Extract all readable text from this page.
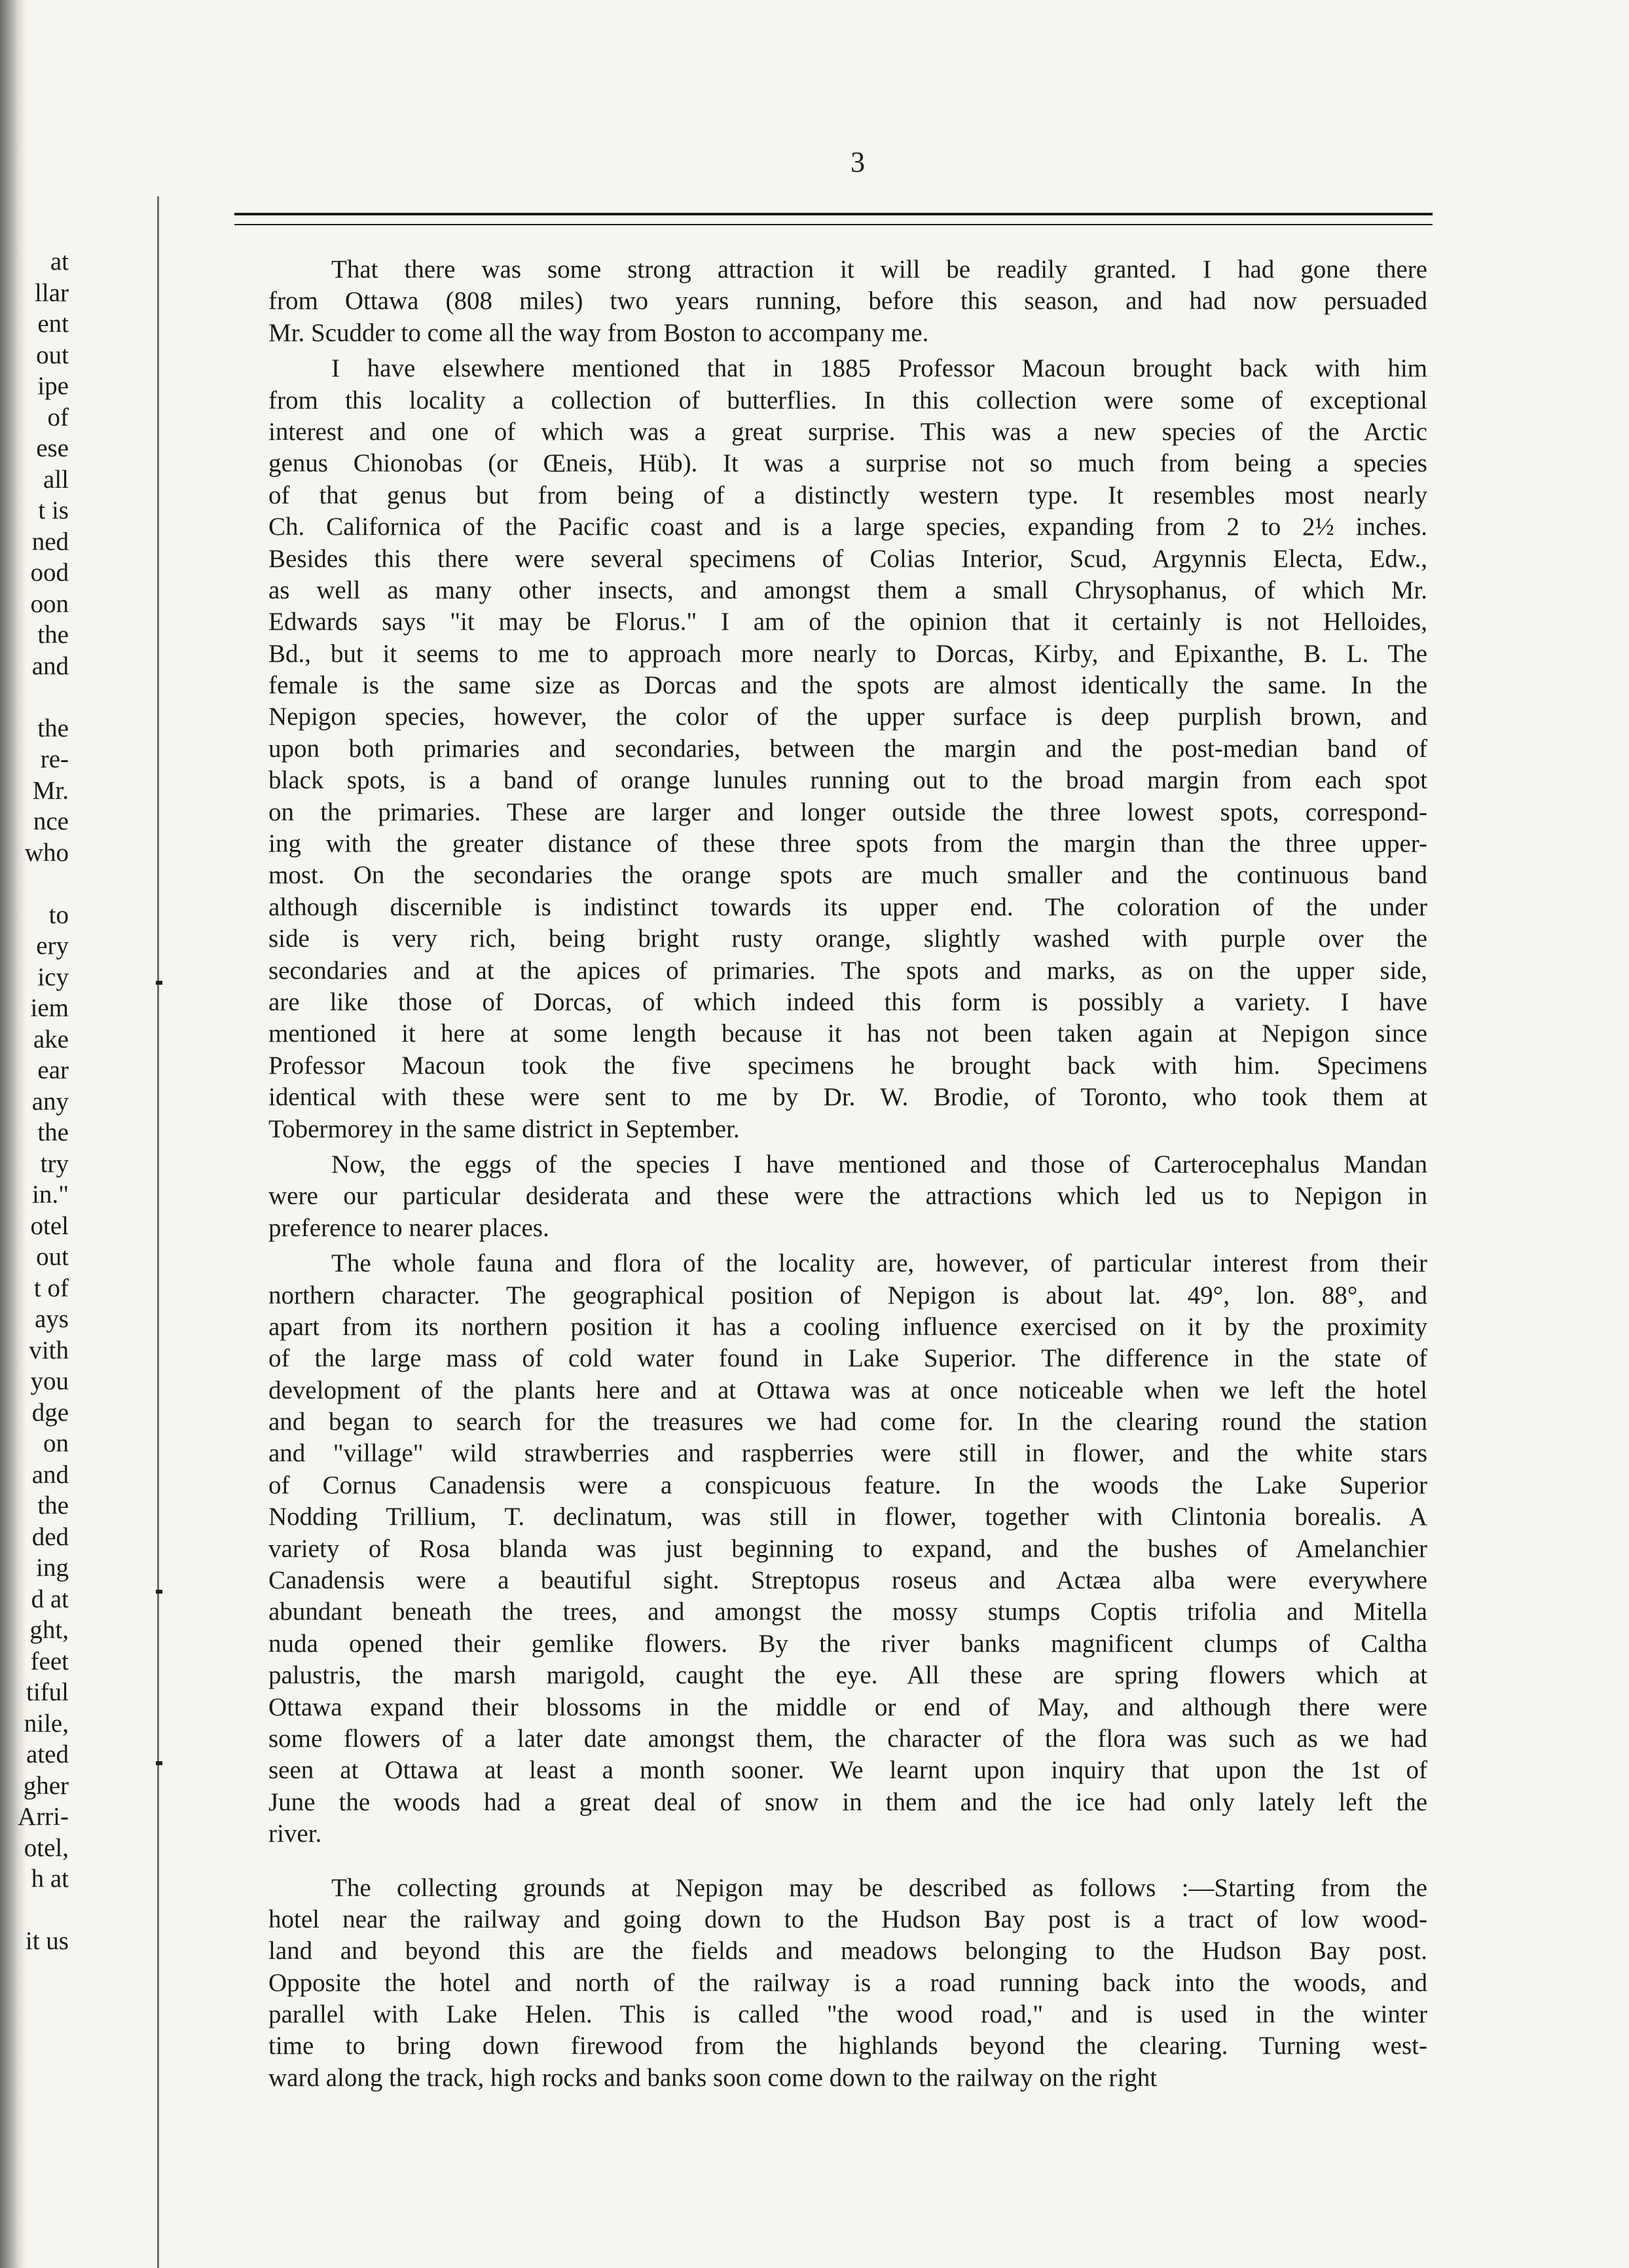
at
llar
ent
out
ipe
of
ese
all
t is
ned
ood
oon
the
and
the
re-
Mr.
nce
who
to
ery
icy
iem
ake
ear
any
the
try
in."
otel
out
t of
ays
vith
you
dge
on
and
the
ded
ing
d at
ght,
feet
tiful
nile,
ated
gher
Arri-
otel,
h at
it us
3
That there was some strong attraction it will be readily granted. I had gone there
from Ottawa (808 miles) two years running, before this season, and had now persuaded
Mr. Scudder to come all the way from Boston to accompany me.
I have elsewhere mentioned that in 1885 Professor Macoun brought back with him
from this locality a collection of butterflies. In this collection were some of exceptional
interest and one of which was a great surprise. This was a new species of the Arctic
genus Chionobas (or Œneis, Hüb). It was a surprise not so much from being a species
of that genus but from being of a distinctly western type. It resembles most nearly
Ch. Californica of the Pacific coast and is a large species, expanding from 2 to 2½ inches.
Besides this there were several specimens of Colias Interior, Scud, Argynnis Electa, Edw.,
as well as many other insects, and amongst them a small Chrysophanus, of which Mr.
Edwards says "it may be Florus." I am of the opinion that it certainly is not Helloides,
Bd., but it seems to me to approach more nearly to Dorcas, Kirby, and Epixanthe, B. L. The
female is the same size as Dorcas and the spots are almost identically the same. In the
Nepigon species, however, the color of the upper surface is deep purplish brown, and
upon both primaries and secondaries, between the margin and the post-median band of
black spots, is a band of orange lunules running out to the broad margin from each spot
on the primaries. These are larger and longer outside the three lowest spots, correspond-
ing with the greater distance of these three spots from the margin than the three upper-
most. On the secondaries the orange spots are much smaller and the continuous band
although discernible is indistinct towards its upper end. The coloration of the under
side is very rich, being bright rusty orange, slightly washed with purple over the
secondaries and at the apices of primaries. The spots and marks, as on the upper side,
are like those of Dorcas, of which indeed this form is possibly a variety. I have
mentioned it here at some length because it has not been taken again at Nepigon since
Professor Macoun took the five specimens he brought back with him. Specimens
identical with these were sent to me by Dr. W. Brodie, of Toronto, who took them at
Tobermorey in the same district in September.
Now, the eggs of the species I have mentioned and those of Carterocephalus Mandan
were our particular desiderata and these were the attractions which led us to Nepigon in
preference to nearer places.
The whole fauna and flora of the locality are, however, of particular interest from their
northern character. The geographical position of Nepigon is about lat. 49°, lon. 88°, and
apart from its northern position it has a cooling influence exercised on it by the proximity
of the large mass of cold water found in Lake Superior. The difference in the state of
development of the plants here and at Ottawa was at once noticeable when we left the hotel
and began to search for the treasures we had come for. In the clearing round the station
and "village" wild strawberries and raspberries were still in flower, and the white stars
of Cornus Canadensis were a conspicuous feature. In the woods the Lake Superior
Nodding Trillium, T. declinatum, was still in flower, together with Clintonia borealis. A
variety of Rosa blanda was just beginning to expand, and the bushes of Amelanchier
Canadensis were a beautiful sight. Streptopus roseus and Actæa alba were everywhere
abundant beneath the trees, and amongst the mossy stumps Coptis trifolia and Mitella
nuda opened their gemlike flowers. By the river banks magnificent clumps of Caltha
palustris, the marsh marigold, caught the eye. All these are spring flowers which at
Ottawa expand their blossoms in the middle or end of May, and although there were
some flowers of a later date amongst them, the character of the flora was such as we had
seen at Ottawa at least a month sooner. We learnt upon inquiry that upon the 1st of
June the woods had a great deal of snow in them and the ice had only lately left the
river.
The collecting grounds at Nepigon may be described as follows :—Starting from the
hotel near the railway and going down to the Hudson Bay post is a tract of low wood-
land and beyond this are the fields and meadows belonging to the Hudson Bay post.
Opposite the hotel and north of the railway is a road running back into the woods, and
parallel with Lake Helen. This is called "the wood road," and is used in the winter
time to bring down firewood from the highlands beyond the clearing. Turning west-
ward along the track, high rocks and banks soon come down to the railway on the right
